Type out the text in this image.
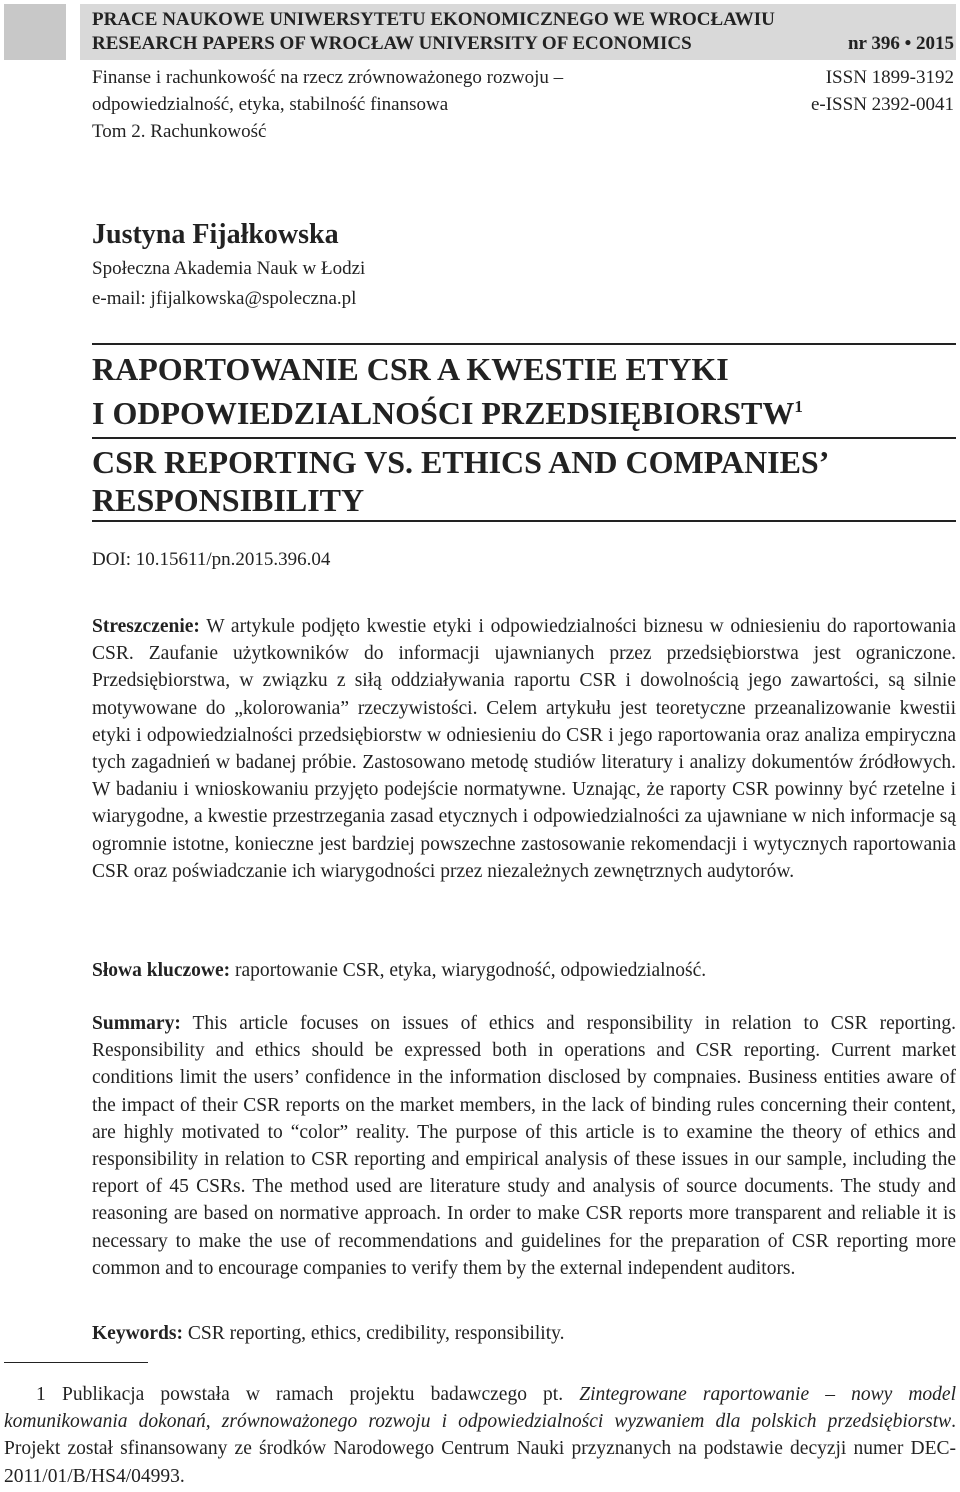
PRACE NAUKOWE UNIWERSYTETU EKONOMICZNEGO WE WROCŁAWIU
RESEARCH PAPERS OF WROCŁAW UNIVERSITY OF ECONOMICS	nr 396 • 2015
Finanse i rachunkowość na rzecz zrównoważonego rozwoju –
odpowiedzialność, etyka, stabilność finansowa
Tom 2. Rachunkowość
ISSN 1899-3192
e-ISSN 2392-0041
Justyna Fijałkowska
Społeczna Akademia Nauk w Łodzi
e-mail: jfijalkowska@spoleczna.pl
RAPORTOWANIE CSR A KWESTIE ETYKI
I ODPOWIEDZIALNOŚCI PRZEDSIĘBIORSTW$^1$
CSR REPORTING VS. ETHICS AND COMPANIES’
RESPONSIBILITY
DOI: 10.15611/pn.2015.396.04
Streszczenie: W artykule podjęto kwestie etyki i odpowiedzialności biznesu w odniesieniu do raportowania CSR. Zaufanie użytkowników do informacji ujawnianych przez przedsiębiorstwa jest ograniczone. Przedsiębiorstwa, w związku z siłą oddziaływania raportu CSR i dowolnością jego zawartości, są silnie motywowane do „kolorowania” rzeczywistości. Celem artykułu jest teoretyczne przeanalizowanie kwestii etyki i odpowiedzialności przedsiębiorstw w odniesieniu do CSR i jego raportowania oraz analiza empiryczna tych zagadnień w badanej próbie. Zastosowano metodę studiów literatury i analizy dokumentów źródłowych. W badaniu i wnioskowaniu przyjęto podejście normatywne. Uznając, że raporty CSR powinny być rzetelne i wiarygodne, a kwestie przestrzegania zasad etycznych i odpowiedzialności za ujawniane w nich informacje są ogromnie istotne, konieczne jest bardziej powszechne zastosowanie rekomendacji i wytycznych raportowania CSR oraz poświadczanie ich wiarygodności przez niezależnych zewnętrznych audytorów.
Słowa kluczowe: raportowanie CSR, etyka, wiarygodność, odpowiedzialność.
Summary: This article focuses on issues of ethics and responsibility in relation to CSR reporting. Responsibility and ethics should be expressed both in operations and CSR reporting. Current market conditions limit the users’ confidence in the information disclosed by compnaies. Business entities aware of the impact of their CSR reports on the market members, in the lack of binding rules concerning their content, are highly motivated to “color” reality. The purpose of this article is to examine the theory of ethics and responsibility in relation to CSR reporting and empirical analysis of these issues in our sample, including the report of 45 CSRs. The method used are literature study and analysis of source documents. The study and reasoning are based on normative approach. In order to make CSR reports more transparent and reliable it is necessary to make the use of recommendations and guidelines for the preparation of CSR reporting more common and to encourage companies to verify them by the external independent auditors.
Keywords: CSR reporting, ethics, credibility, responsibility.
1 Publikacja powstała w ramach projektu badawczego pt. Zintegrowane raportowanie – nowy model komunikowania dokonań, zrównoważonego rozwoju i odpowiedzialności wyzwaniem dla polskich przedsiębiorstw. Projekt został sfinansowany ze środków Narodowego Centrum Nauki przyznanych na podstawie decyzji numer DEC-2011/01/B/HS4/04993.
